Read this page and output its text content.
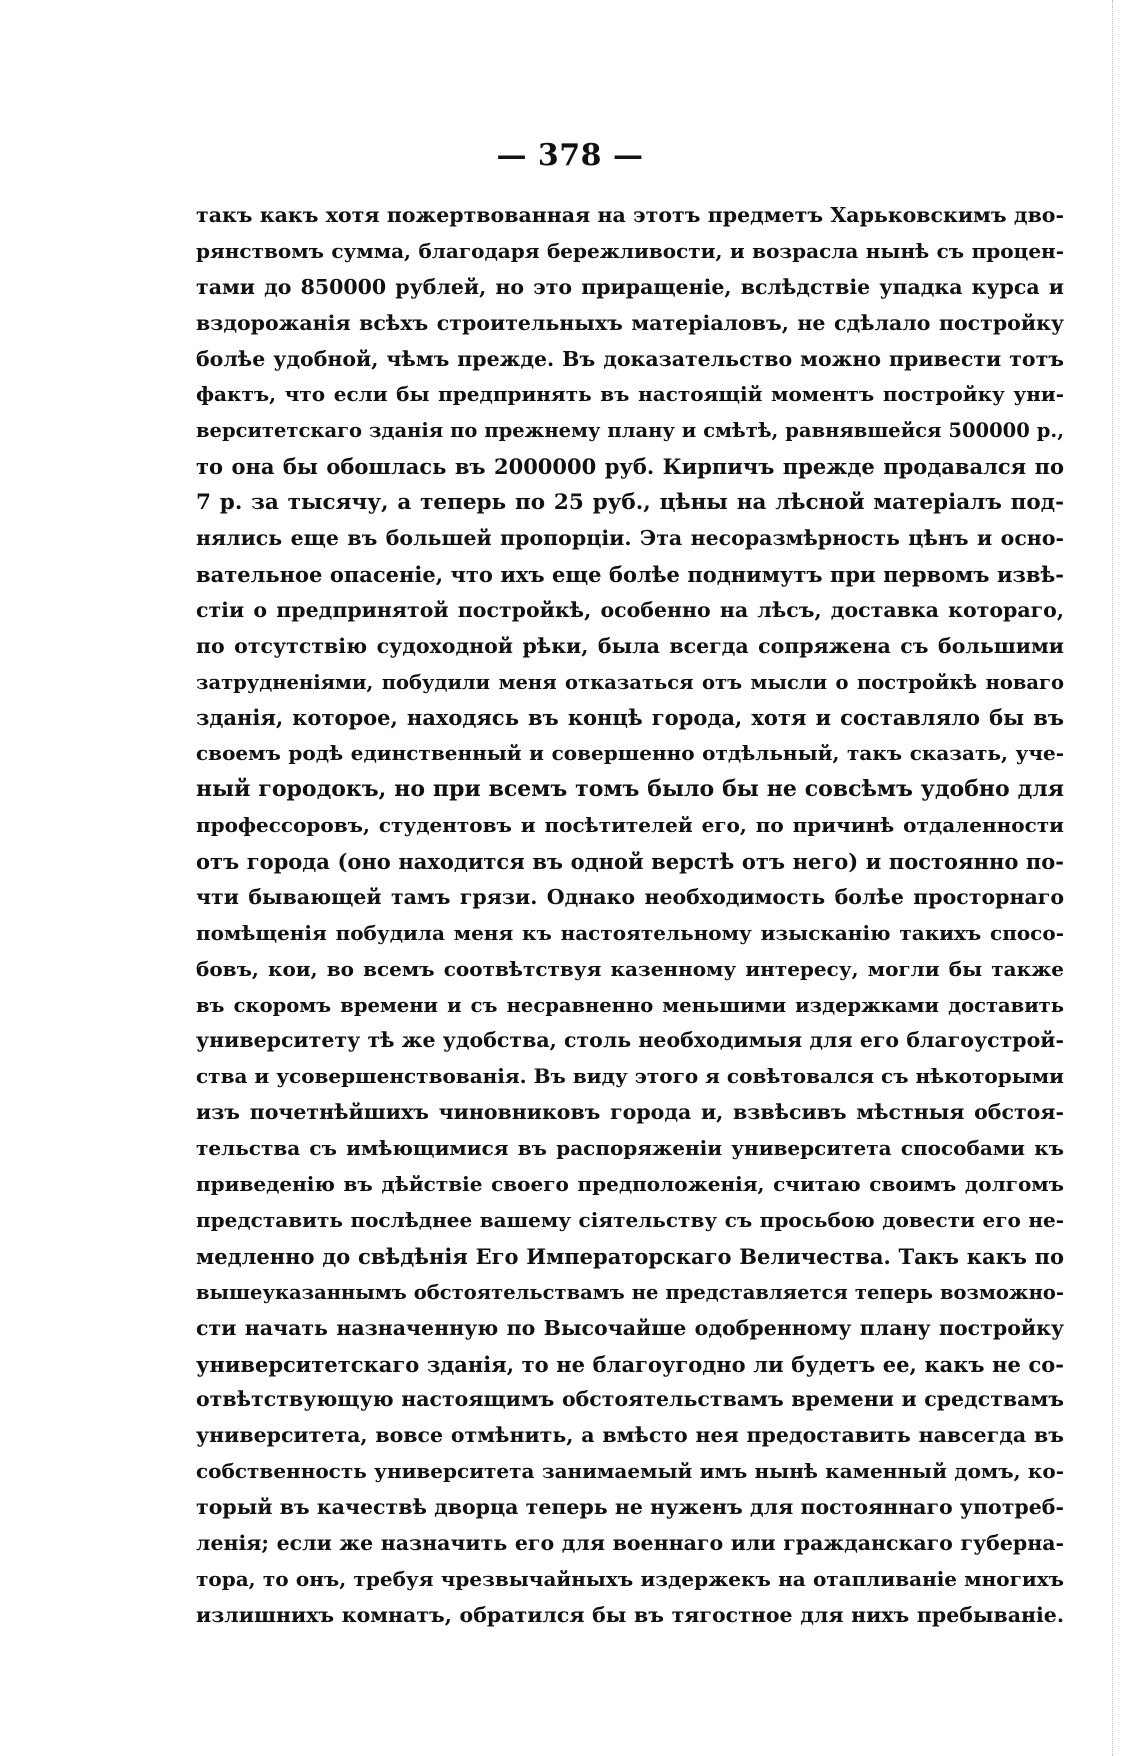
— 378 —
такъ какъ хотя пожертвованная на этотъ предметъ Харьковскимъ дво-
рянствомъ сумма, благодаря бережливости, и возрасла нынѣ съ процен-
тами до 850000 рублей, но это приращеніе, вслѣдствіе упадка курса и
вздорожанія всѣхъ строительныхъ матеріаловъ, не сдѣлало постройку
болѣе удобной, чѣмъ прежде. Въ доказательство можно привести тотъ
фактъ, что если бы предпринять въ настоящій моментъ постройку уни-
верситетскаго зданія по прежнему плану и смѣтѣ, равнявшейся 500000 р.,
то она бы обошлась въ 2000000 руб. Кирпичъ прежде продавался по
7 р. за тысячу, а теперь по 25 руб., цѣны на лѣсной матеріалъ под-
нялись еще въ большей пропорціи. Эта несоразмѣрность цѣнъ и осно-
вательное опасеніе, что ихъ еще болѣе поднимутъ при первомъ извѣ-
стіи о предпринятой постройкѣ, особенно на лѣсъ, доставка котораго,
по отсутствію судоходной рѣки, была всегда сопряжена съ большими
затрудненіями, побудили меня отказаться отъ мысли о постройкѣ новаго
зданія, которое, находясь въ концѣ города, хотя и составляло бы въ
своемъ родѣ единственный и совершенно отдѣльный, такъ сказать, уче-
ный городокъ, но при всемъ томъ было бы не совсѣмъ удобно для
профессоровъ, студентовъ и посѣтителей его, по причинѣ отдаленности
отъ города (оно находится въ одной верстѣ отъ него) и постоянно по-
чти бывающей тамъ грязи. Однако необходимость болѣе просторнаго
помѣщенія побудила меня къ настоятельному изысканію такихъ спосо-
бовъ, кои, во всемъ соотвѣтствуя казенному интересу, могли бы также
въ скоромъ времени и съ несравненно меньшими издержками доставить
университету тѣ же удобства, столь необходимыя для его благоустрой-
ства и усовершенствованія. Въ виду этого я совѣтовался съ нѣкоторыми
изъ почетнѣйшихъ чиновниковъ города и, взвѣсивъ мѣстныя обстоя-
тельства съ имѣющимися въ распоряженіи университета способами къ
приведенію въ дѣйствіе своего предположенія, считаю своимъ долгомъ
представить послѣднее вашему сіятельству съ просьбою довести его не-
медленно до свѣдѣнія Его Императорскаго Величества. Такъ какъ по
вышеуказаннымъ обстоятельствамъ не представляется теперь возможно-
сти начать назначенную по Высочайше одобренному плану постройку
университетскаго зданія, то не благоугодно ли будетъ ее, какъ не со-
отвѣтствующую настоящимъ обстоятельствамъ времени и средствамъ
университета, вовсе отмѣнить, а вмѣсто нея предоставить навсегда въ
собственность университета занимаемый имъ нынѣ каменный домъ, ко-
торый въ качествѣ дворца теперь не нуженъ для постояннаго употреб-
ленія; если же назначить его для военнаго или гражданскаго губерна-
тора, то онъ, требуя чрезвычайныхъ издержекъ на отапливаніе многихъ
излишнихъ комнатъ, обратился бы въ тягостное для нихъ пребываніе.
